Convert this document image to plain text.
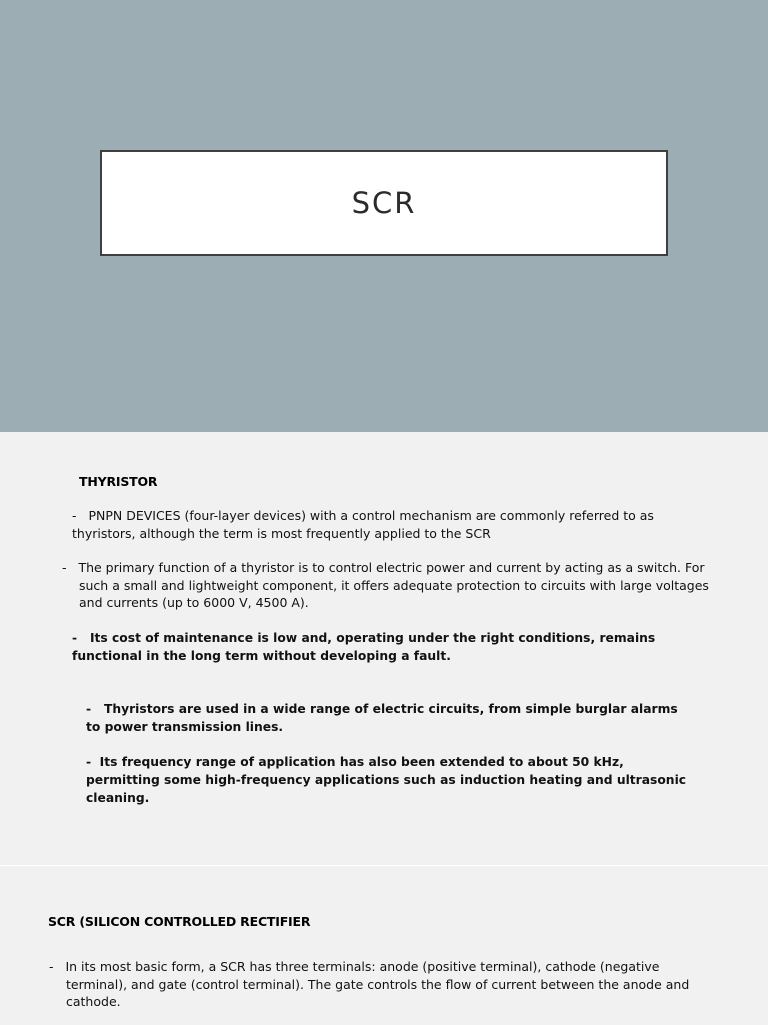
SCR
THYRISTOR
- PNPN DEVICES (four-layer devices) with a control mechanism are commonly referred to as thyristors, although the term is most frequently applied to the SCR
- The primary function of a thyristor is to control electric power and current by acting as a switch. For such a small and lightweight component, it offers adequate protection to circuits with large voltages and currents (up to 6000 V, 4500 A).
- Its cost of maintenance is low and, operating under the right conditions, remains functional in the long term without developing a fault.
- Thyristors are used in a wide range of electric circuits, from simple burglar alarms to power transmission lines.
- Its frequency range of application has also been extended to about 50 kHz, permitting some high-frequency applications such as induction heating and ultrasonic cleaning.
SCR (SILICON CONTROLLED RECTIFIER
- In its most basic form, a SCR has three terminals: anode (positive terminal), cathode (negative terminal), and gate (control terminal). The gate controls the flow of current between the anode and cathode.
